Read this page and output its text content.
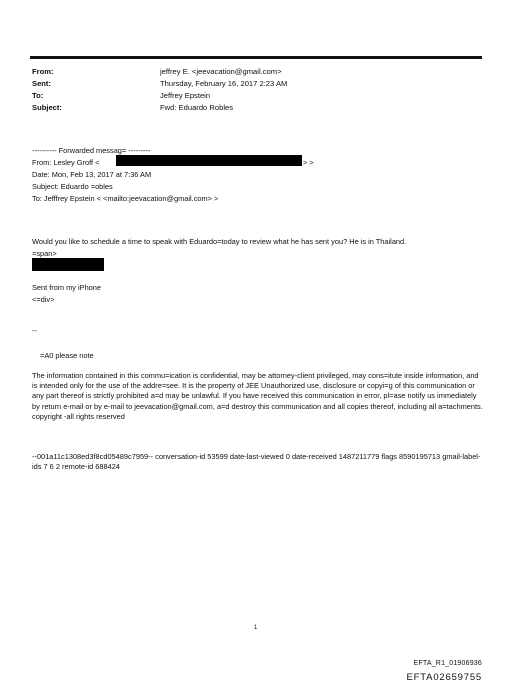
From:
Sent:
To:
Subject:
jeffrey E. <jeevacation@gmail.com>
Thursday, February 16, 2017 2:23 AM
Jeffrey Epstein
Fwd: Eduardo Robles
---------- Forwarded messag= ---------
From: Lesley Groff <	> >
Date: Mon, Feb 13, 2017 at 7:36 AM
Subject: Eduardo =obles
To: Jefffrey Epstein < <mailto:jeevacation@gmail.com> >
Would you like to schedule a time to speak with Eduardo=today to review what he has sent you? He is in Thailand.
=span>
Sent from my iPhone
<=div>
--
=A0 please note
The information contained in this commu=ication is confidential, may be attorney-client privileged, may cons=itute inside information, and is intended only for the use of the addre=see. It is the property of JEE Unauthorized use, disclosure or copyi=g of this communication or any part thereof is strictly prohibited a=d may be unlawful. If you have received this communication in error, pl=ase notify us immediately by return e-mail or by e-mail to jeevacation@gmail.com, a=d destroy this communication and all copies thereof, including all a=tachments. copyright -all rights reserved
--001a11c1308ed3f8cd05489c7959-- conversation-id 53599 date-last-viewed 0 date-received 1487211779 flags 8590195713 gmail-label-ids 7 6 2 remote-id 688424
1
EFTA_R1_01906936
EFTA02659755
